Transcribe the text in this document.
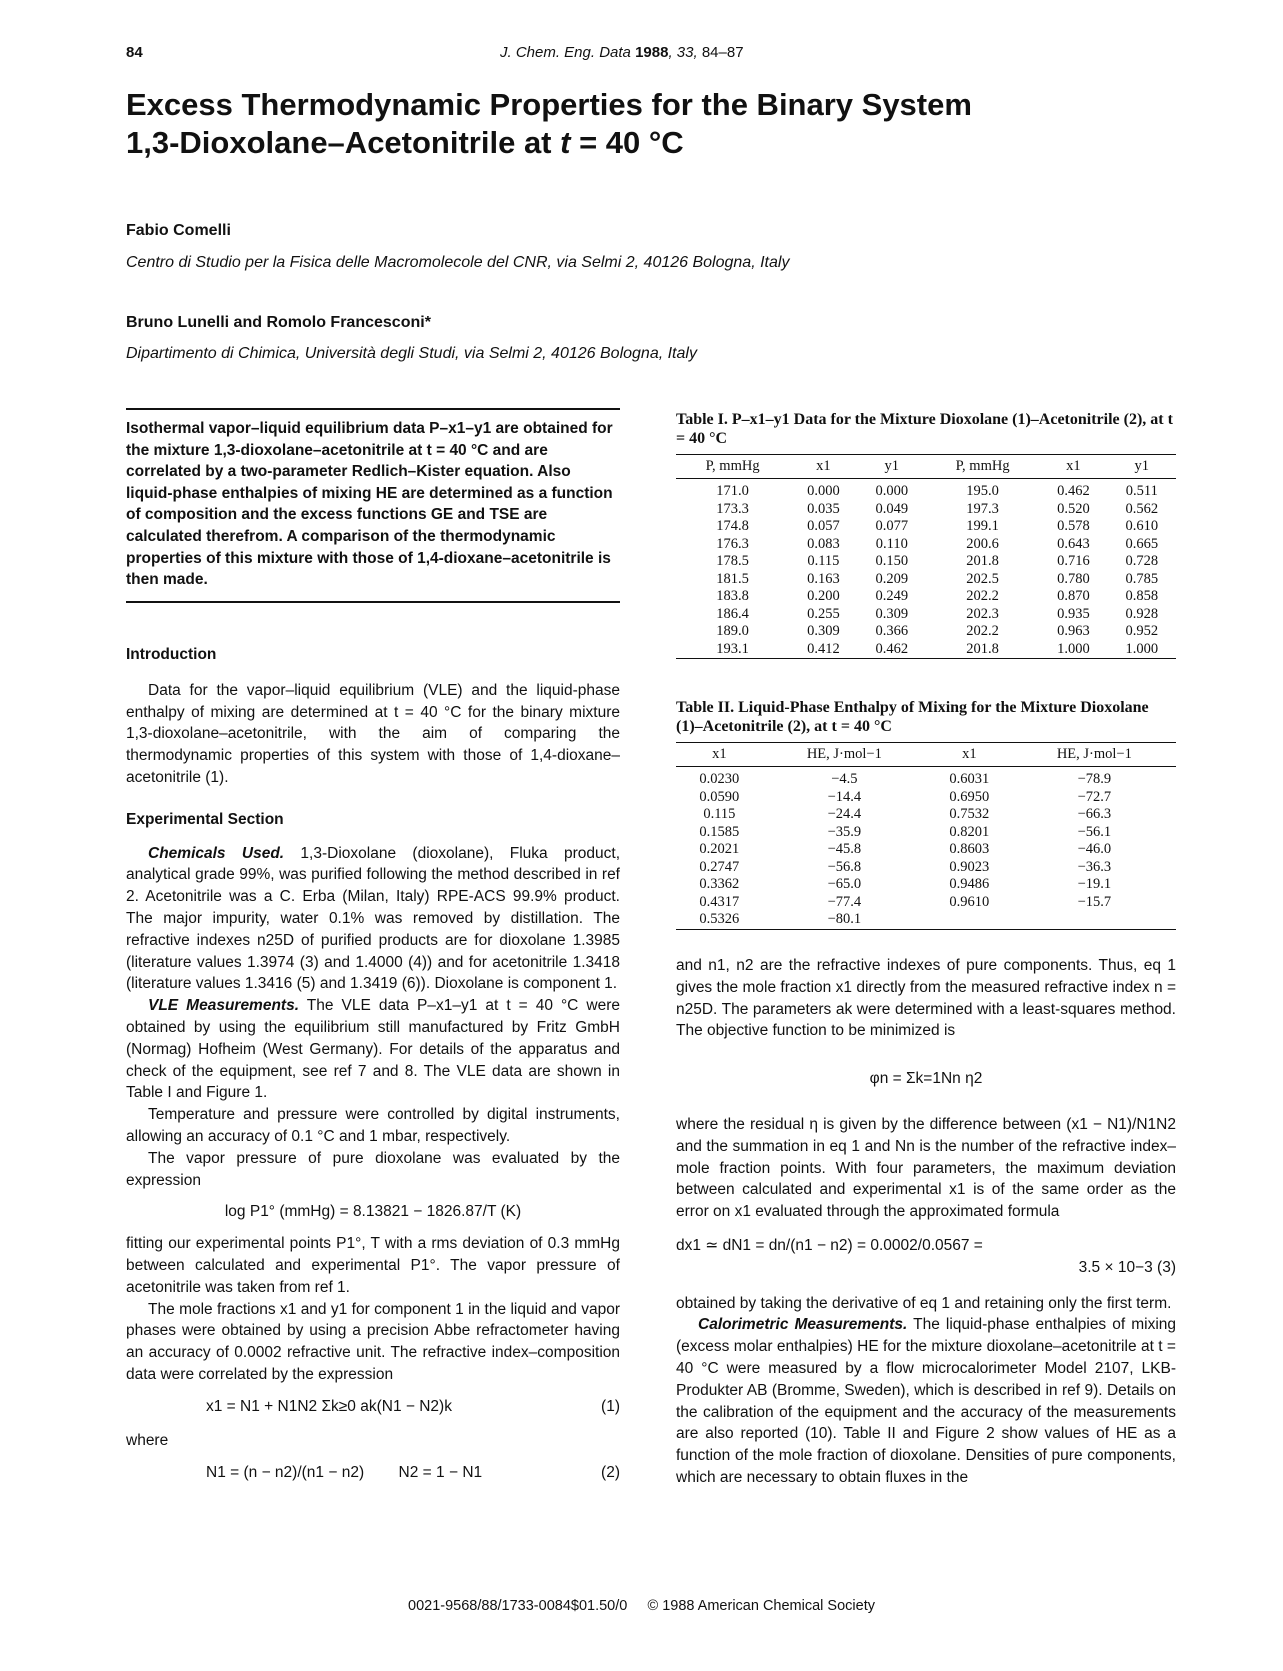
84	J. Chem. Eng. Data 1988, 33, 84–87
Excess Thermodynamic Properties for the Binary System
1,3-Dioxolane–Acetonitrile at t = 40 °C
Fabio Comelli
Centro di Studio per la Fisica delle Macromolecole del CNR, via Selmi 2, 40126 Bologna, Italy
Bruno Lunelli and Romolo Francesconi*
Dipartimento di Chimica, Università degli Studi, via Selmi 2, 40126 Bologna, Italy
Isothermal vapor–liquid equilibrium data P–x1–y1 are obtained for the mixture 1,3-dioxolane–acetonitrile at t = 40 °C and are correlated by a two-parameter Redlich–Kister equation. Also liquid-phase enthalpies of mixing HE are determined as a function of composition and the excess functions GE and TSE are calculated therefrom. A comparison of the thermodynamic properties of this mixture with those of 1,4-dioxane–acetonitrile is then made.
Introduction

Data for the vapor–liquid equilibrium (VLE) and the liquid-phase enthalpy of mixing are determined at t = 40 °C for the binary mixture 1,3-dioxolane–acetonitrile, with the aim of comparing the thermodynamic properties of this system with those of 1,4-dioxane–acetonitrile (1).

Experimental Section

Chemicals Used. 1,3-Dioxolane (dioxolane), Fluka product, analytical grade 99%, was purified following the method described in ref 2. Acetonitrile was a C. Erba (Milan, Italy) RPE-ACS 99.9% product. The major impurity, water 0.1% was removed by distillation. The refractive indexes n25D of purified products are for dioxolane 1.3985 (literature values 1.3974 (3) and 1.4000 (4)) and for acetonitrile 1.3418 (literature values 1.3416 (5) and 1.3419 (6)). Dioxolane is component 1.

VLE Measurements. The VLE data P–x1–y1 at t = 40 °C were obtained by using the equilibrium still manufactured by Fritz GmbH (Normag) Hofheim (West Germany). For details of the apparatus and check of the equipment, see ref 7 and 8. The VLE data are shown in Table I and Figure 1.

Temperature and pressure were controlled by digital instruments, allowing an accuracy of 0.1 °C and 1 mbar, respectively.

The vapor pressure of pure dioxolane was evaluated by the expression

log P1° (mmHg) = 8.13821 − 1826.87/T (K)

fitting our experimental points P1°, T with a rms deviation of 0.3 mmHg between calculated and experimental P1°. The vapor pressure of acetonitrile was taken from ref 1.

The mole fractions x1 and y1 for component 1 in the liquid and vapor phases were obtained by using a precision Abbe refractometer having an accuracy of 0.0002 refractive unit. The refractive index–composition data were correlated by the expression

x1 = N1 + N1N2 Σk≥0 ak(N1 − N2)k	(1)

where

N1 = (n − n2)/(n1 − n2)        N2 = 1 − N1	(2)
Table I. P–x1–y1 Data for the Mixture Dioxolane (1)–Acetonitrile (2), at t = 40 °C
P, mmHg	x1	y1	P, mmHg	x1	y1
171.0	0.000	0.000	195.0	0.462	0.511
173.3	0.035	0.049	197.3	0.520	0.562
174.8	0.057	0.077	199.1	0.578	0.610
176.3	0.083	0.110	200.6	0.643	0.665
178.5	0.115	0.150	201.8	0.716	0.728
181.5	0.163	0.209	202.5	0.780	0.785
183.8	0.200	0.249	202.2	0.870	0.858
186.4	0.255	0.309	202.3	0.935	0.928
189.0	0.309	0.366	202.2	0.963	0.952
193.1	0.412	0.462	201.8	1.000	1.000
Table II. Liquid-Phase Enthalpy of Mixing for the Mixture Dioxolane (1)–Acetonitrile (2), at t = 40 °C
x1	HE, J·mol−1	x1	HE, J·mol−1
0.0230	−4.5	0.6031	−78.9
0.0590	−14.4	0.6950	−72.7
0.115	−24.4	0.7532	−66.3
0.1585	−35.9	0.8201	−56.1
0.2021	−45.8	0.8603	−46.0
0.2747	−56.8	0.9023	−36.3
0.3362	−65.0	0.9486	−19.1
0.4317	−77.4	0.9610	−15.7
0.5326	−80.1		

and n1, n2 are the refractive indexes of pure components. Thus, eq 1 gives the mole fraction x1 directly from the measured refractive index n = n25D. The parameters ak were determined with a least-squares method. The objective function to be minimized is

φn = Σk=1Nn η2

where the residual η is given by the difference between (x1 − N1)/N1N2 and the summation in eq 1 and Nn is the number of the refractive index–mole fraction points. With four parameters, the maximum deviation between calculated and experimental x1 is of the same order as the error on x1 evaluated through the approximated formula

dx1 ≃ dN1 = dn/(n1 − n2) = 0.0002/0.0567 =
3.5 × 10−3 (3)

obtained by taking the derivative of eq 1 and retaining only the first term.

Calorimetric Measurements. The liquid-phase enthalpies of mixing (excess molar enthalpies) HE for the mixture dioxolane–acetonitrile at t = 40 °C were measured by a flow microcalorimeter Model 2107, LKB-Produkter AB (Bromme, Sweden), which is described in ref 9). Details on the calibration of the equipment and the accuracy of the measurements are also reported (10). Table II and Figure 2 show values of HE as a function of the mole fraction of dioxolane. Densities of pure components, which are necessary to obtain fluxes in the

0021-9568/88/1733-0084$01.50/0 © 1988 American Chemical Society
